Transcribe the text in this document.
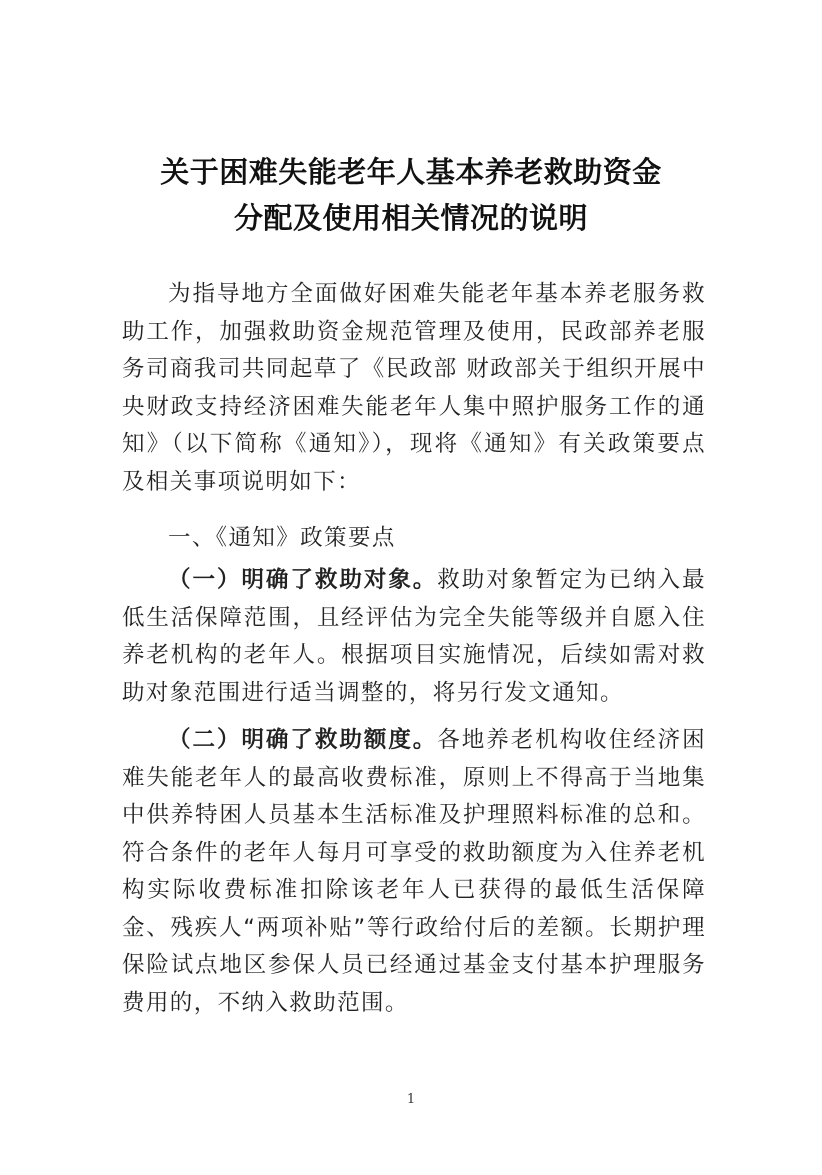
关于困难失能老年人基本养老救助资金
分配及使用相关情况的说明

为指导地方全面做好困难失能老年基本养老服务救助工作，加强救助资金规范管理及使用，民政部养老服务司商我司共同起草了《民政部 财政部关于组织开展中央财政支持经济困难失能老年人集中照护服务工作的通知》（以下简称《通知》），现将《通知》有关政策要点及相关事项说明如下：

一、《通知》政策要点

（一）明确了救助对象。救助对象暂定为已纳入最低生活保障范围，且经评估为完全失能等级并自愿入住养老机构的老年人。根据项目实施情况，后续如需对救助对象范围进行适当调整的，将另行发文通知。

（二）明确了救助额度。各地养老机构收住经济困难失能老年人的最高收费标准，原则上不得高于当地集中供养特困人员基本生活标准及护理照料标准的总和。符合条件的老年人每月可享受的救助额度为入住养老机构实际收费标准扣除该老年人已获得的最低生活保障金、残疾人“两项补贴”等行政给付后的差额。长期护理保险试点地区参保人员已经通过基金支付基本护理服务费用的，不纳入救助范围。

1
